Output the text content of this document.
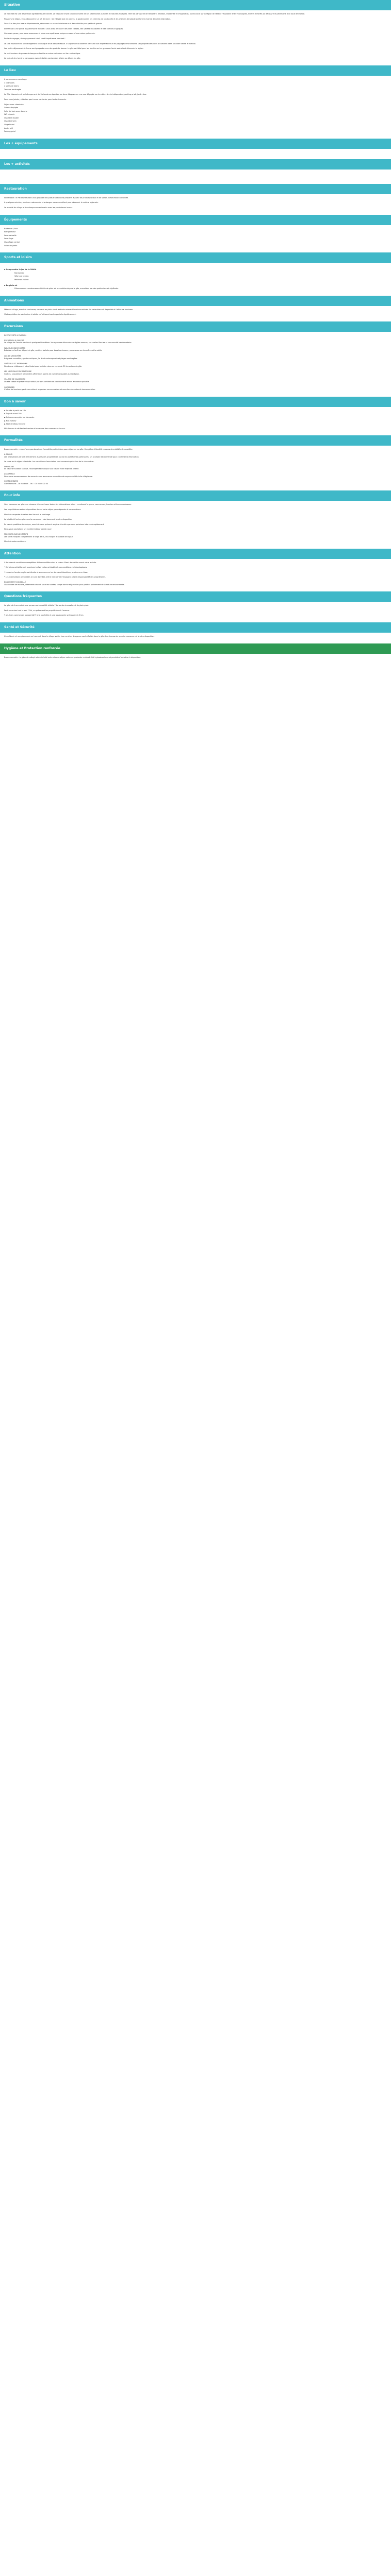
Situation

Le Martinet est une destination agréable toute l'année. La Mazourie invite à la découverte de ses patrimoines culturels et naturels multiples. Terre de partage et de rencontre, tradition, modernité et imagination, ouvrez-vous sur la région de l'Est de l'Aquitaine entre montagnes, rivières et forêts où découvrir le patrimoine d'un bout de monde.

Plus qu'une région, vous découvrirez un art de vivre : les villages tout en pierres, la gastronomie, les chemins de randonnée et les chemins de balade qui font le charme de notre destination.

Dans l'un des plus beaux départements, découvrez un accueil chaleureux et des activités pour petits et grands.

Entrée dans une partie du patrimoine mondial : vous allez découvrir des sites classés, des vallées encaissées et des hameaux typiques.

Une vraie pause, pour vous ressourcer et vivre une expérience unique au cœur d'une nature préservée.

Envie de voyager, de dépaysement total, c'est l'expérience Martinet !

Le Gîte Mazourie est un hébergement touristique situé dans le Massif. Il surplombe la vallée et offre une vue imprenable sur les paysages environnants. Les propriétaires vous accueillent dans un cadre calme et familial.

Les petits déjeuners à la ferme sont proposés avec des produits locaux. Le gîte est idéal pour les familles ou les groupes d'amis souhaitant découvrir la région.

Le vrai bonheur de passer du temps en famille ou entre amis dans un lieu authentique.

Le vrai art de vivre à la campagne avec de belles randonnées à faire au départ du gîte.

Le lieu
6 personnes en couchage
3 chambres
2 salles de bains
Terrasse aménagée

Le Gîte Mazourie est un hébergement de 3 chambres réparties sur deux étages avec une vue dégagée sur la vallée. Accès indépendant, parking privé, jardin clos.

Pour nous joindre, n'hésitez pas à nous contacter pour toute demande.

Séjour avec cheminée
Cuisine équipée
Salle de bain avec douche
WC séparés
Chambre double
Chambre twin
Linge fourni
Accès wifi
Parking privé
Les + équipements
Les + activités
Restauration

Notre table : le Petit Restaurant vous propose des plats traditionnels préparés à partir de produits locaux et de saison. Réservation conseillée.

À quelques minutes, plusieurs restaurants et auberges vous accueillent pour découvrir la cuisine régionale.

Le marché du village a lieu chaque samedi matin avec les producteurs locaux.

Équipements
Barbecue / four
Réfrigérateur
Lave-vaisselle
Lave-linge
Chauffage central
Salon de jardin
Sports et loisirs
► Comprendre le jeu de la Vérité
Randonnée
Vélo tout terrain
Pêche en rivière
► En plein air

Découvrez de nombreuses activités de plein air accessibles depuis le gîte, encadrées par des professionnels diplômés.

Animations

Fêtes de village, marchés nocturnes, concerts en plein air et festivals animent la saison estivale. Le calendrier est disponible à l'office de tourisme.

Visites guidées du patrimoine et ateliers d'artisanat sont organisés régulièrement.

Excursions

DÉCOUVERTE & ÉVASION

EXCURSION À SAUVIAT

Le village de Sauviat se situe à quelques kilomètres. Vous pourrez découvrir son église romane, ses ruelles fleuries et son marché hebdomadaire.

PARCOURS DES FORÊTS

Balades en forêt au départ du gîte, sentiers balisés pour tous les niveaux, panoramas sur les crêtes et la vallée.

LAC DE VASSIVIÈRE

Baignade surveillée, sports nautiques, île d'art contemporain et plages aménagées.

CHÂTEAUX ET PATRIMOINE

Nombreux châteaux et sites historiques à visiter dans un rayon de 30 km autour du gîte.

LES MERVEILLES DE MAZOURIE

Grottes, cascades et belvédères offrent des points de vue remarquables sur la région.

VILLAGE DE CAUSSIMAC

Un site classé et préservé qui séduit par son architecture traditionnelle et son ambiance paisible.

ORGANISER

L'office de tourisme peut vous aider à organiser vos excursions et vous fournir cartes et documentation.

Bon à savoir
► Arrivée à partir de 16h
► Départ avant 10h
► Animaux acceptés sur demande
► Non fumeur
► Taxe de séjour incluse

NB : Pensez à vérifier les horaires d'ouverture des commerces locaux.

Formalités

Bonne nouvelle : vous n'avez pas besoin de formalités particulières pour séjourner au gîte. Une pièce d'identité en cours de validité est conseillée.

À SAVOIR

Les réservations se font directement auprès des propriétaires ou via les plateformes partenaires. Un acompte est demandé pour confirmer la réservation.

Le solde est à régler à l'arrivée. Les conditions d'annulation sont communiquées lors de la réservation.

IMPORTANT

En cas d'annulation tardive, l'acompte reste acquis sauf cas de force majeure justifié.

ASSURANCE

Nous vous recommandons de souscrire une assurance annulation et responsabilité civile villégiature.

COORDONNÉES

Gîte Mazourie – Le Martinet – Tél. : 05 00 00 00 00

Pour info

Vous trouverez sur place un classeur d'accueil avec toutes les informations utiles : numéros d'urgence, commerces, horaires et bonnes adresses.

Les propriétaires restent disponibles durant votre séjour pour répondre à vos questions.

Merci de respecter le calme des lieux et le voisinage.

Le tri sélectif est en place sur la commune : des bacs sont à votre disposition.

En cas de problème technique, merci de nous prévenir au plus vite afin que nous puissions intervenir rapidement.

Nous vous souhaitons un excellent séjour parmi nous !

PRÉCISION SUR LES TARIFS

Les tarifs indiqués comprennent le linge de lit, les charges et la taxe de séjour.

Merci de votre confiance.

Attention

* Horaires et conditions susceptibles d'être modifiés selon la saison. Merci de vérifier avant votre arrivée.

* Certaines activités sont soumises à réservation préalable et aux conditions météorologiques.

* La route d'accès au gîte est étroite et sinueuse sur les derniers kilomètres, prudence en hiver.

* Les informations présentées ici sont données à titre indicatif et n'engagent pas la responsabilité des propriétaires.

ÉQUIPEMENT CONSEILLÉ

Chaussures de marche, vêtements chauds pour les soirées, lampe torche et jumelles pour profiter pleinement de la nature environnante.

Questions fréquentes

Le gîte est-il accessible aux personnes à mobilité réduite ? Le rez-de-chaussée est de plain-pied.

Peut-on arriver tard le soir ? Oui, en prévenant les propriétaires à l'avance.

Y a-t-il des commerces à proximité ? Une supérette et une boulangerie se trouvent à 5 km.

Santé et Sécurité

Un médecin et une pharmacie se trouvent dans le village voisin. Les numéros d'urgence sont affichés dans le gîte. Une trousse de premiers secours est à votre disposition.

Hygiène et Protection renforcée

Bonne nouvelle : le gîte est nettoyé et désinfecté entre chaque séjour selon un protocole renforcé. Gel hydroalcoolique et produits d'entretien à disposition.
